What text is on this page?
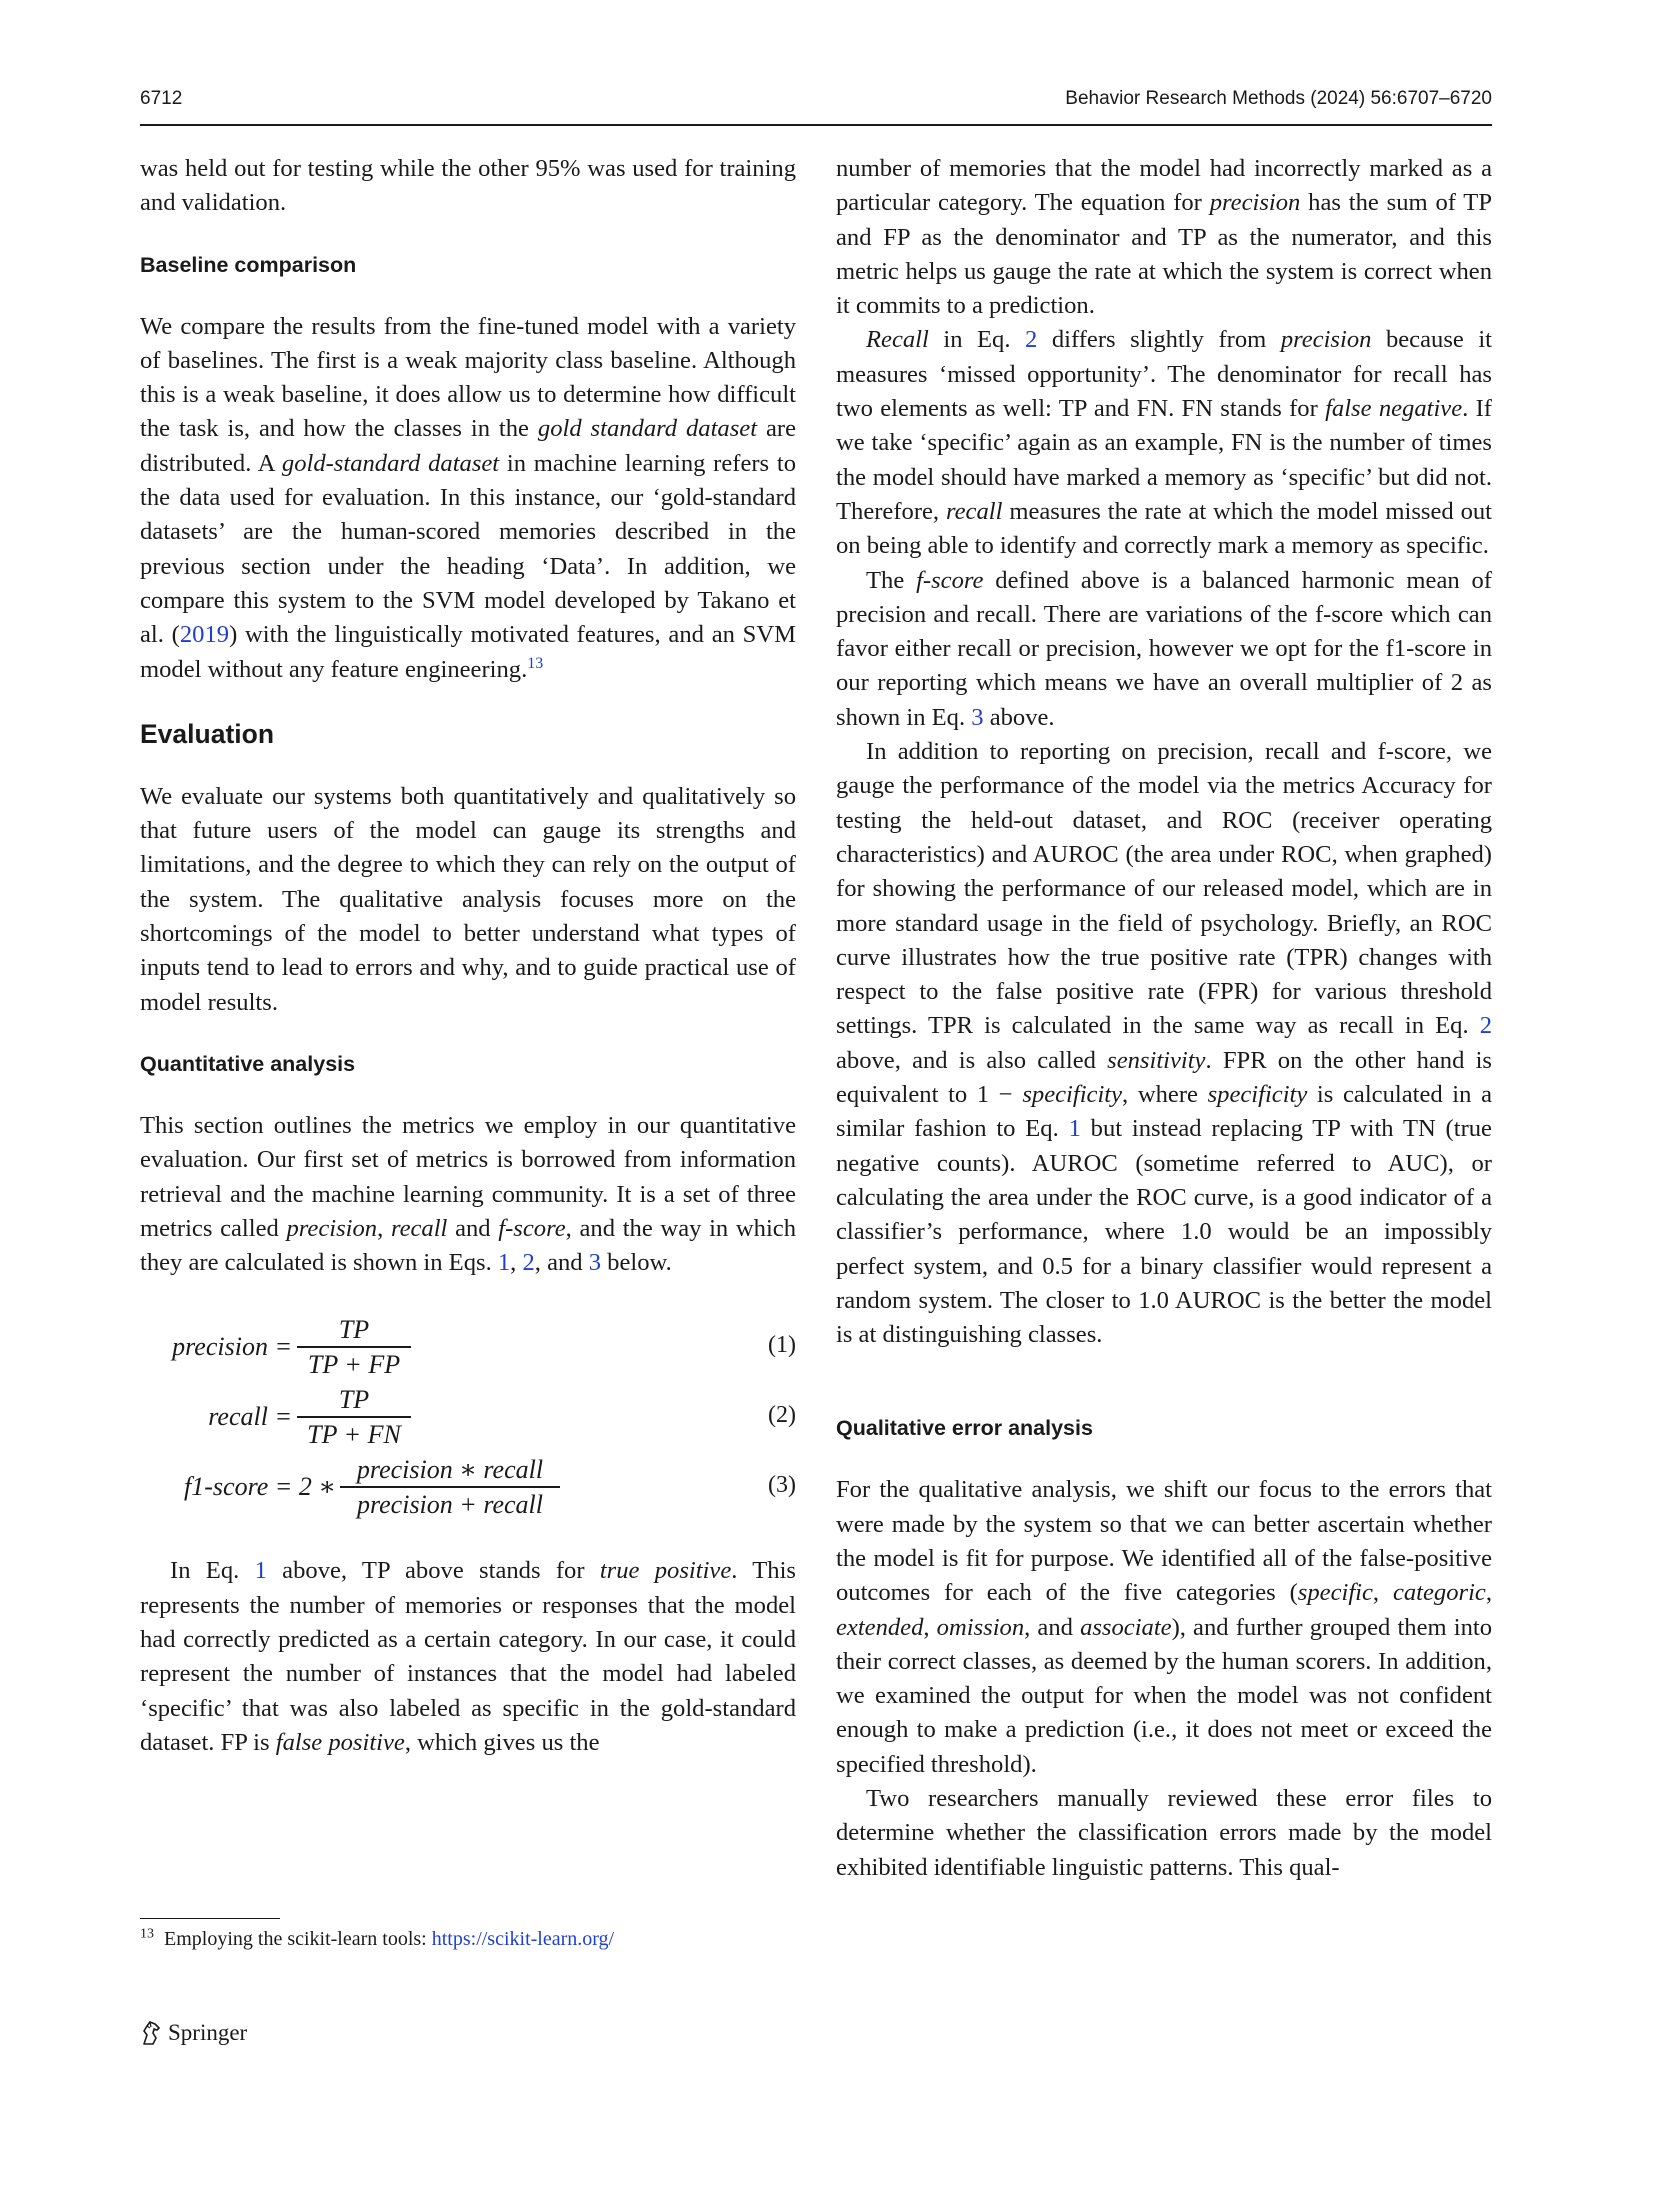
6712	Behavior Research Methods (2024) 56:6707–6720

was held out for testing while the other 95% was used for training and validation.

Baseline comparison

We compare the results from the fine-tuned model with a variety of baselines. The first is a weak majority class baseline. Although this is a weak baseline, it does allow us to determine how difficult the task is, and how the classes in the gold standard dataset are distributed. A gold-standard dataset in machine learning refers to the data used for evaluation. In this instance, our ‘gold-standard datasets’ are the human-scored memories described in the previous section under the heading ‘Data’. In addition, we compare this system to the SVM model developed by Takano et al. (2019) with the linguistically motivated features, and an SVM model without any feature engineering.$^{13}$

Evaluation

We evaluate our systems both quantitatively and qualitatively so that future users of the model can gauge its strengths and limitations, and the degree to which they can rely on the output of the system. The qualitative analysis focuses more on the shortcomings of the model to better understand what types of inputs tend to lead to errors and why, and to guide practical use of model results.

Quantitative analysis

This section outlines the metrics we employ in our quantitative evaluation. Our first set of metrics is borrowed from information retrieval and the machine learning community. It is a set of three metrics called precision, recall and f-score, and the way in which they are calculated is shown in Eqs. 1, 2, and 3 below.

precision =
TP
TP + FP
(1)
recall =
TP
TP + FN
(2)
f1-score = 2 ∗
precision ∗ recall
precision + recall
(3)

In Eq. 1 above, TP above stands for true positive. This represents the number of memories or responses that the model had correctly predicted as a certain category. In our case, it could represent the number of instances that the model had labeled ‘specific’ that was also labeled as specific in the gold-standard dataset. FP is false positive, which gives us the

number of memories that the model had incorrectly marked as a particular category. The equation for precision has the sum of TP and FP as the denominator and TP as the numerator, and this metric helps us gauge the rate at which the system is correct when it commits to a prediction.

Recall in Eq. 2 differs slightly from precision because it measures ‘missed opportunity’. The denominator for recall has two elements as well: TP and FN. FN stands for false negative. If we take ‘specific’ again as an example, FN is the number of times the model should have marked a memory as ‘specific’ but did not. Therefore, recall measures the rate at which the model missed out on being able to identify and correctly mark a memory as specific.

The f-score defined above is a balanced harmonic mean of precision and recall. There are variations of the f-score which can favor either recall or precision, however we opt for the f1-score in our reporting which means we have an overall multiplier of 2 as shown in Eq. 3 above.

In addition to reporting on precision, recall and f-score, we gauge the performance of the model via the metrics Accuracy for testing the held-out dataset, and ROC (receiver operating characteristics) and AUROC (the area under ROC, when graphed) for showing the performance of our released model, which are in more standard usage in the field of psychology. Briefly, an ROC curve illustrates how the true positive rate (TPR) changes with respect to the false positive rate (FPR) for various threshold settings. TPR is calculated in the same way as recall in Eq. 2 above, and is also called sensitivity. FPR on the other hand is equivalent to 1 − specificity, where specificity is calculated in a similar fashion to Eq. 1 but instead replacing TP with TN (true negative counts). AUROC (sometime referred to AUC), or calculating the area under the ROC curve, is a good indicator of a classifier’s performance, where 1.0 would be an impossibly perfect system, and 0.5 for a binary classifier would represent a random system. The closer to 1.0 AUROC is the better the model is at distinguishing classes.

Qualitative error analysis

For the qualitative analysis, we shift our focus to the errors that were made by the system so that we can better ascertain whether the model is fit for purpose. We identified all of the false-positive outcomes for each of the five categories (specific, categoric, extended, omission, and associate), and further grouped them into their correct classes, as deemed by the human scorers. In addition, we examined the output for when the model was not confident enough to make a prediction (i.e., it does not meet or exceed the specified threshold).

Two researchers manually reviewed these error files to determine whether the classification errors made by the model exhibited identifiable linguistic patterns. This qual-

$^{13}$ Employing the scikit-learn tools: https://scikit-learn.org/
Springer
